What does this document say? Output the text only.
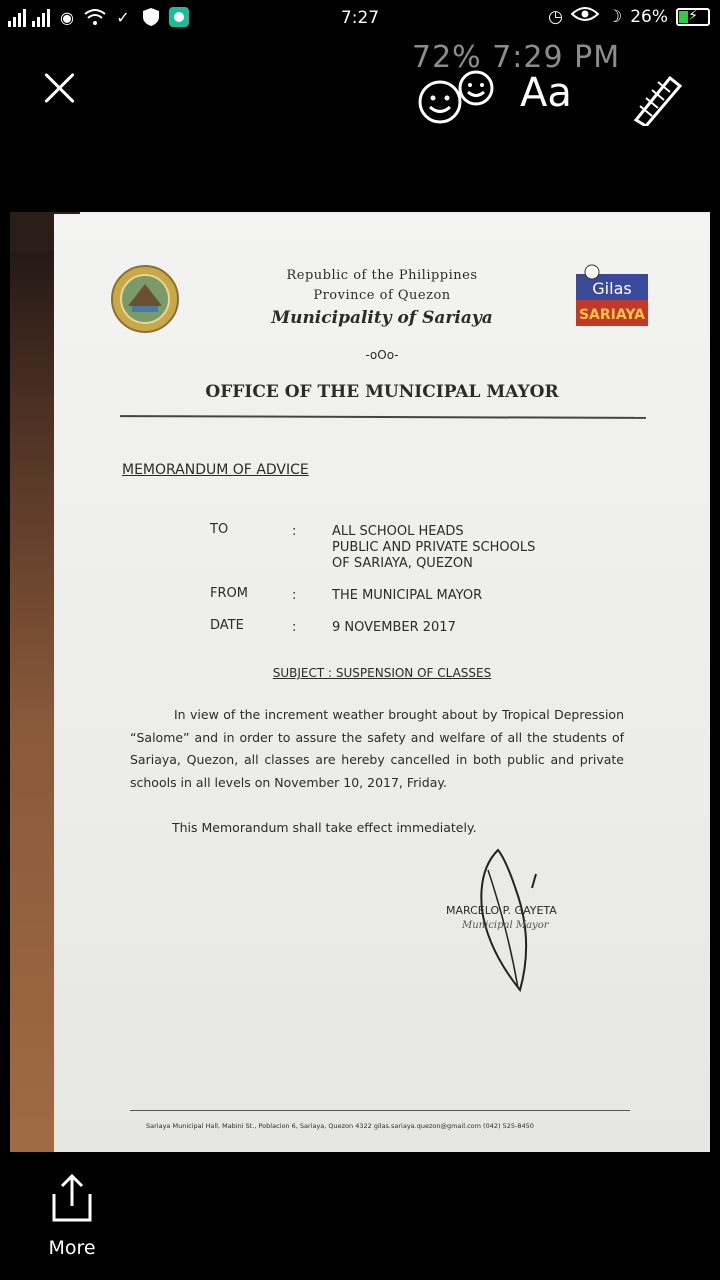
◉	✓	7:27	◷	☽ 26%	⚡
72% 7:29 PM
Aa
Gilas
SARIAYA
Republic of the Philippines
Province of Quezon
Municipality of Sariaya
-oOo-
OFFICE OF THE MUNICIPAL MAYOR
MEMORANDUM OF ADVICE
TO	:	ALL SCHOOL HEADS
PUBLIC AND PRIVATE SCHOOLS
OF SARIAYA, QUEZON
FROM	:	THE MUNICIPAL MAYOR
DATE	:	9 NOVEMBER 2017
SUBJECT : SUSPENSION OF CLASSES
In view of the increment weather brought about by Tropical Depression “Salome” and in order to assure the safety and welfare of all the students of Sariaya, Quezon, all classes are hereby cancelled in both public and private schools in all levels on November 10, 2017, Friday.
This Memorandum shall take effect immediately.
MARCELO P. GAYETA
Municipal Mayor
Sariaya Municipal Hall, Mabini St., Poblacion 6, Sariaya, Quezon 4322 gilas.sariaya.quezon@gmail.com (042) 525-8450
More
